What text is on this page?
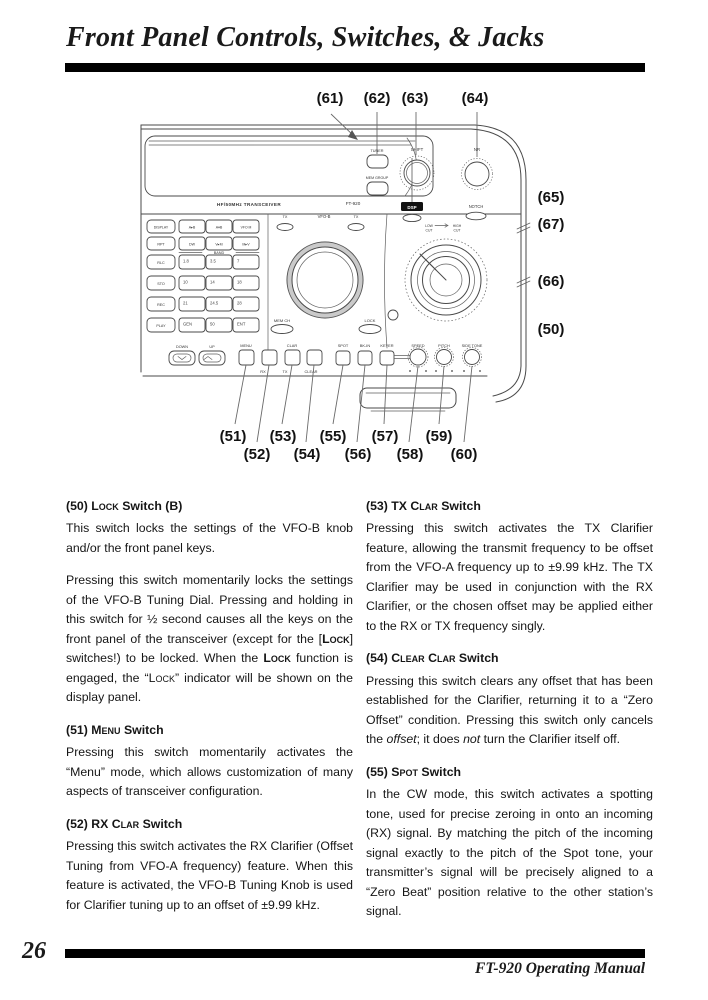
Front Panel Controls, Switches, & Jacks
(61)	(62) (63)	(64)
(65)
(67)
(66)
(50)
(51)	(53)	(55)	(57)	(59)
(52)	(54)	(56)	(58)	(60)
HF/50MHz TRANSCEIVER	FT-920
TUNER
MEM GROUP
SHIFT	NR
DISPLAY
RPT
RLC
STO
REC
PLAY
A▸B	A▾B	VFO M
DW	V▸M	M▸V
BAND
1.8	3.5	7
10	14	18
21	24.5	28
GEN	50	ENT
TX	VFO-B	TX
MEM CH	LOCK
DSP	NOTCH
LOW
CUT
HIGH
CUT
DOWN	UP	MENU	CLAR
RX	TX	CLEAR
SPOT	BK-IN	KEYER	SPEED	PITCH	SIDE TONE
(50) Lock Switch (B)

This switch locks the settings of the VFO-B knob and/or the front panel keys.

Pressing this switch momentarily locks the settings of the VFO-B Tuning Dial. Pressing and holding in this switch for ½ second causes all the keys on the front panel of the transceiver (except for the [Lock] switches!) to be locked. When the Lock function is engaged, the “Lock” indicator will be shown on the display panel.

(51) Menu Switch

Pressing this switch momentarily activates the “Menu” mode, which allows customization of many aspects of transceiver configuration.

(52) RX Clar Switch

Pressing this switch activates the RX Clarifier (Offset Tuning from VFO-A frequency) feature. When this feature is activated, the VFO-B Tuning Knob is used for Clarifier tuning up to an offset of ±9.99 kHz.

(53) TX Clar Switch

Pressing this switch activates the TX Clarifier feature, allowing the transmit frequency to be offset from the VFO-A frequency up to ±9.99 kHz. The TX Clarifier may be used in conjunction with the RX Clarifier, or the chosen offset may be applied either to the RX or TX frequency singly.

(54) Clear Clar Switch

Pressing this switch clears any offset that has been established for the Clarifier, returning it to a “Zero Offset” condition. Pressing this switch only cancels the offset; it does not turn the Clarifier itself off.

(55) Spot Switch

In the CW mode, this switch activates a spotting tone, used for precise zeroing in onto an incoming (RX) signal. By matching the pitch of the incoming signal exactly to the pitch of the Spot tone, your transmitter’s signal will be precisely aligned to a “Zero Beat” position relative to the other station’s signal.

26
FT-920 Operating Manual
